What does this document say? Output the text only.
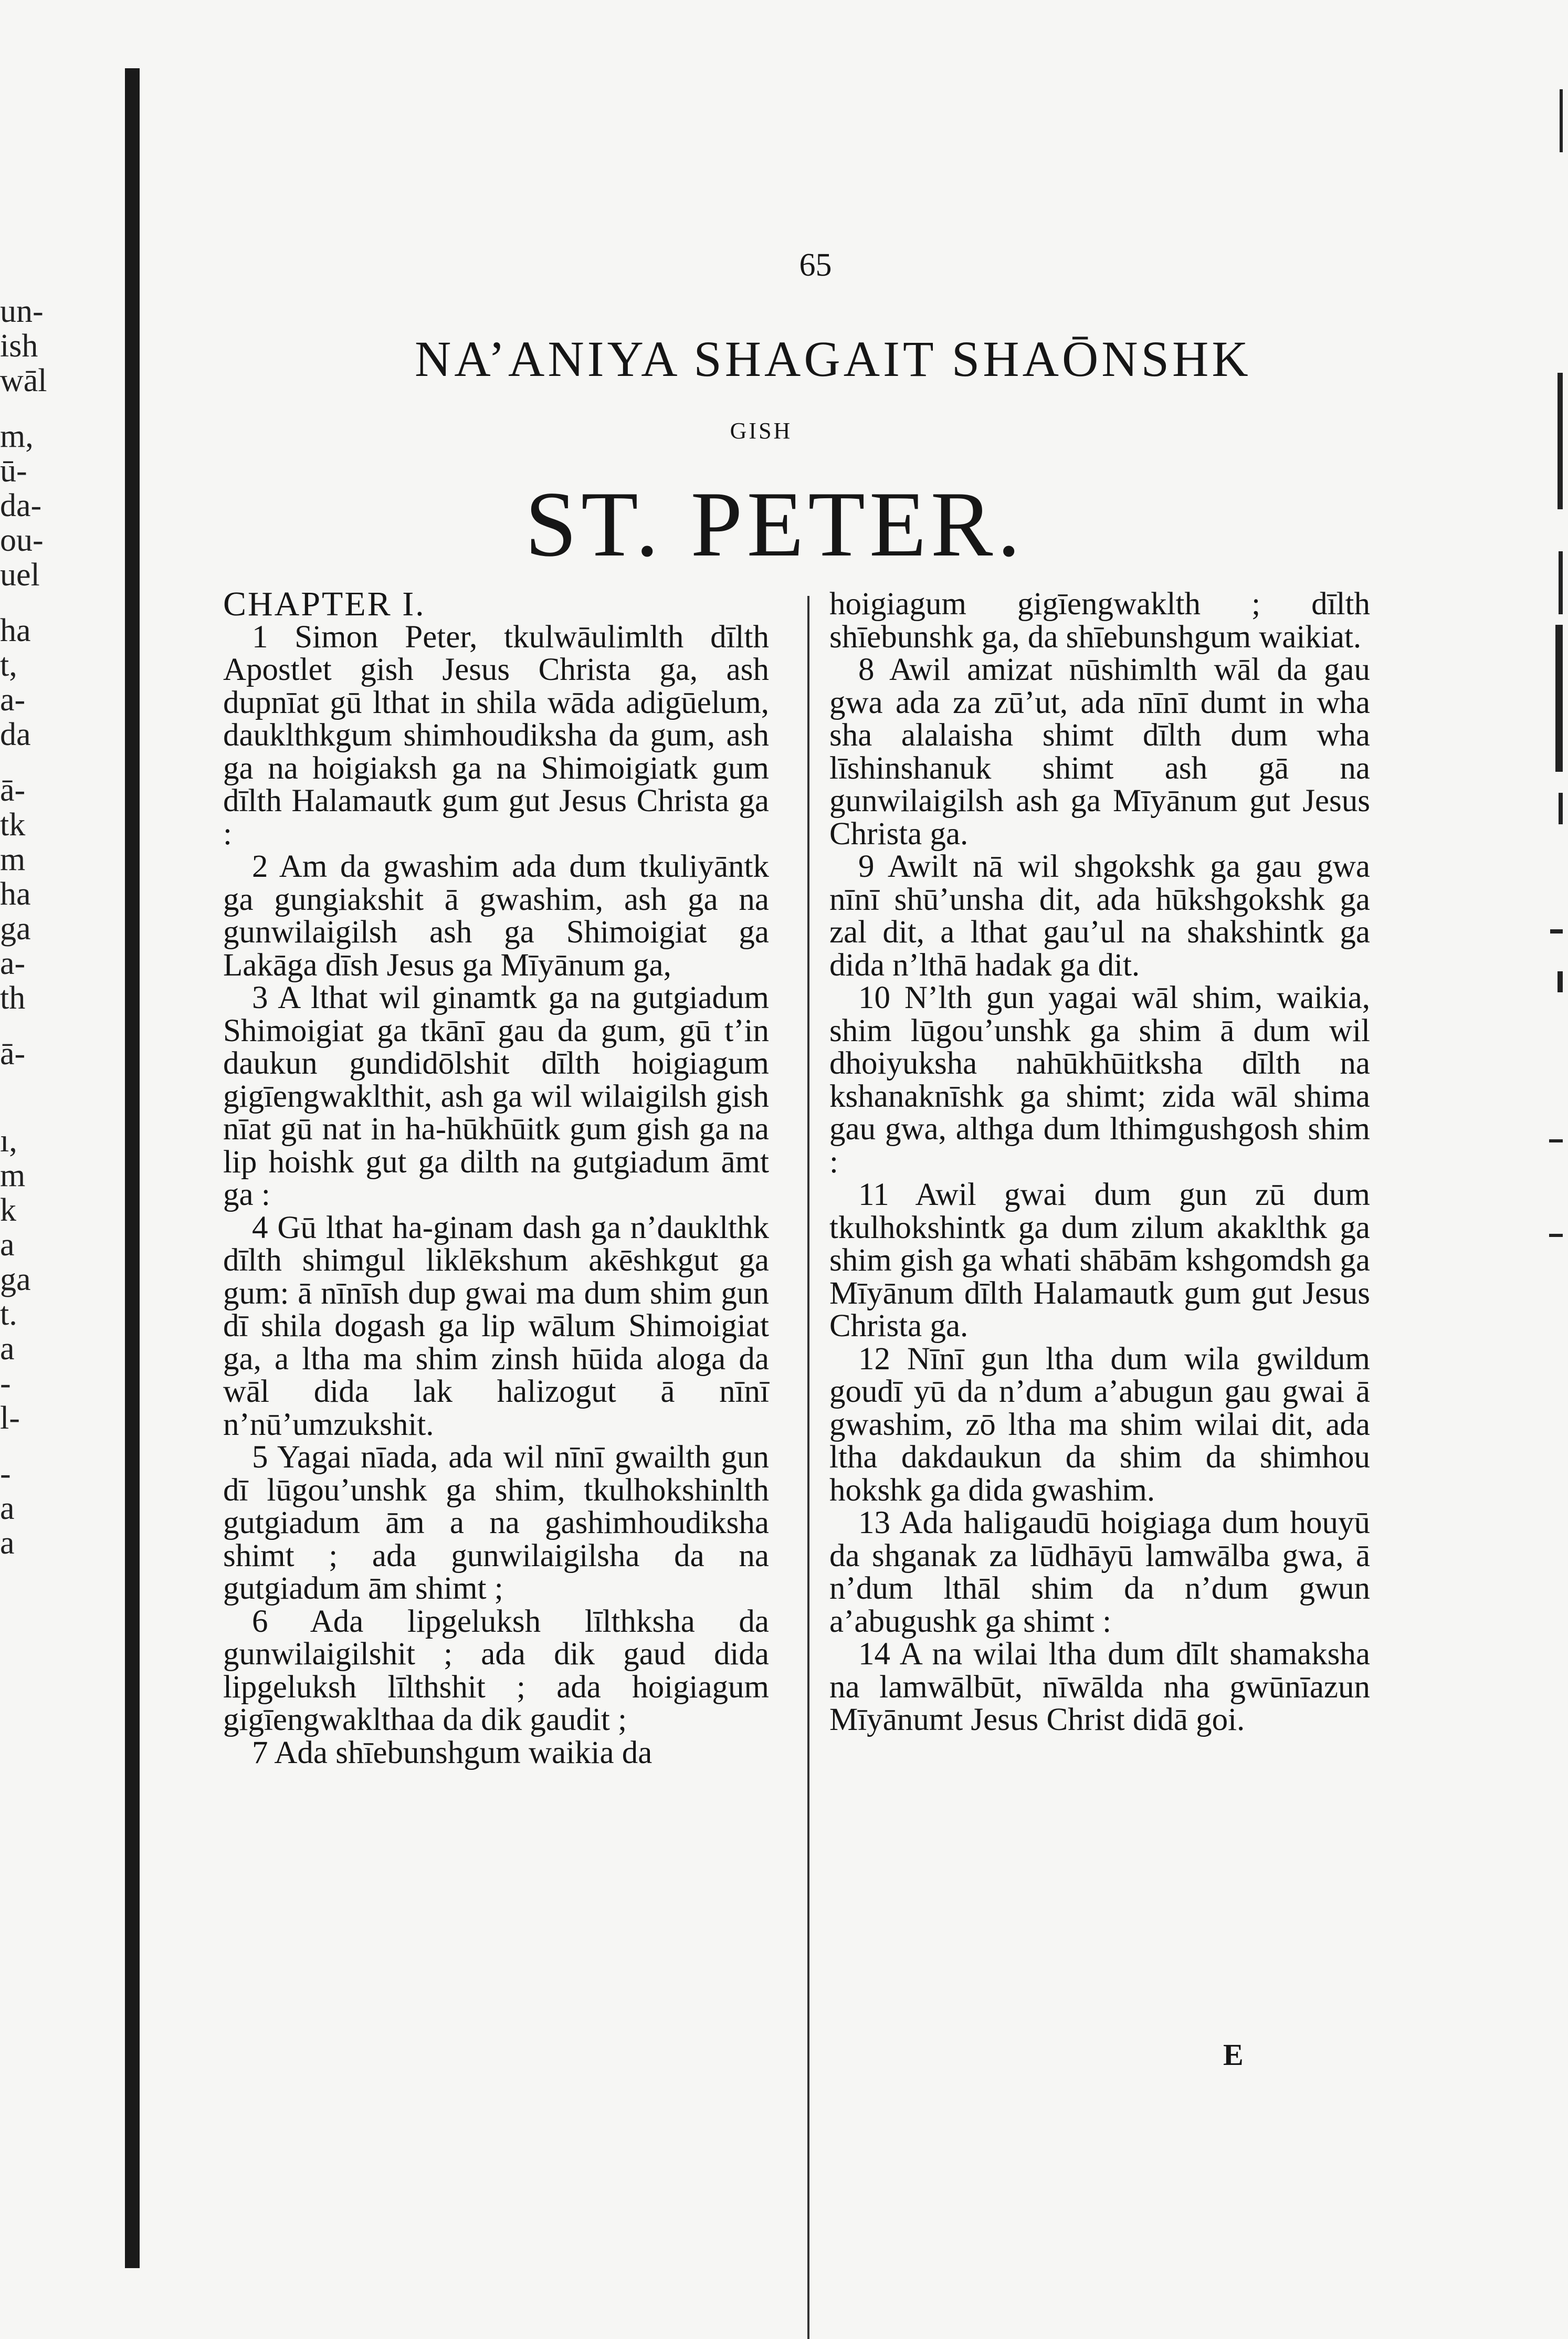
un-
ish
wāl
m,
ū-
da-
ou-
uel
ha
t,
a-
da
ā-
tk
m
ha
ga
a-
th
ā-
ı,
m
k
a
ga
t.
a
-
l-
-
a
a
65
NA’ANIYA SHAGAIT SHAŌNSHK
GISH
ST. PETER.

CHAPTER I.

1 Simon Peter, tkulwāulimlth dīlth Apostlet gish Jesus Christa ga, ash dupnīat gū lthat in shila wāda adigūelum, dauklthkgum shimhoudiksha da gum, ash ga na hoigiaksh ga na Shimoigiatk gum dīlth Halamautk gum gut Jesus Christa ga :

2 Am da gwashim ada dum tkuliyāntk ga gungiakshit ā gwashim, ash ga na gunwilaigilsh ash ga Shimoigiat ga Lakāga dīsh Jesus ga Mīyānum ga,

3 A lthat wil ginamtk ga na gutgiadum Shimoigiat ga tkānī gau da gum, gū t’in daukun gundidōlshit dīlth hoigiagum gigīengwaklthit, ash ga wil wilaigilsh gish nīat gū nat in ha-hūkhūitk gum gish ga na lip hoishk gut ga dilth na gutgiadum āmt ga :

4 Gū lthat ha-ginam dash ga n’dauklthk dīlth shimgul liklēkshum akēshkgut ga gum: ā nīnīsh dup gwai ma dum shim gun dī shila dogash ga lip wālum Shimoigiat ga, a ltha ma shim zinsh hūida aloga da wāl dida lak halizogut ā nīnī n’nū’umzukshit.

5 Yagai nīada, ada wil nīnī gwailth gun dī lūgou’unshk ga shim, tkulhokshinlth gutgiadum ām a na gashimhoudiksha shimt ; ada gunwilaigilsha da na gutgiadum ām shimt ;

6 Ada lipgeluksh līlthksha da gunwilaigilshit ; ada dik gaud dida lipgeluksh līlthshit ; ada hoigiagum gigīengwaklthaa da dik gaudit ;

7 Ada shīebunshgum waikia da

hoigiagum gigīengwaklth ; dīlth shīebunshk ga, da shīebunshgum waikiat.

8 Awil amizat nūshimlth wāl da gau gwa ada za zū’ut, ada nīnī dumt in wha sha alalaisha shimt dīlth dum wha līshinshanuk shimt ash gā na gunwilaigilsh ash ga Mīyānum gut Jesus Christa ga.

9 Awilt nā wil shgokshk ga gau gwa nīnī shū’unsha dit, ada hūkshgokshk ga zal dit, a lthat gau’ul na shakshintk ga dida n’lthā hadak ga dit.

10 N’lth gun yagai wāl shim, waikia, shim lūgou’unshk ga shim ā dum wil dhoiyuksha nahūkhūitksha dīlth na kshanaknīshk ga shimt; zida wāl shima gau gwa, althga dum lthimgushgosh shim :

11 Awil gwai dum gun zū dum tkulhokshintk ga dum zilum akaklthk ga shim gish ga whati shābām kshgomdsh ga Mīyānum dīlth Halamautk gum gut Jesus Christa ga.

12 Nīnī gun ltha dum wila gwildum goudī yū da n’dum a’abugun gau gwai ā gwashim, zō ltha ma shim wilai dit, ada ltha dakdaukun da shim da shimhou hokshk ga dida gwashim.

13 Ada haligaudū hoigiaga dum houyū da shganak za lūdhāyū lamwālba gwa, ā n’dum lthāl shim da n’dum gwun a’abugushk ga shimt :

14 A na wilai ltha dum dīlt shamaksha na lamwālbūt, nīwālda nha gwūnīazun Mīyānumt Jesus Christ didā goi.

E
